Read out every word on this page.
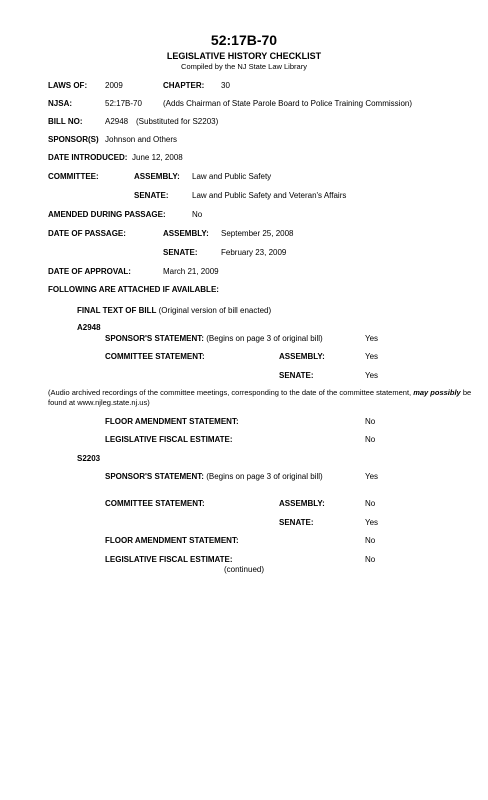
52:17B-70
LEGISLATIVE HISTORY CHECKLIST
Compiled by the NJ State Law Library
LAWS OF: 2009	CHAPTER: 30
NJSA:	52:17B-70	(Adds Chairman of State Parole Board to Police Training Commission)
BILL NO:	A2948 (Substituted for S2203)
SPONSOR(S) Johnson and Others
DATE INTRODUCED: June 12, 2008
COMMITTEE:	ASSEMBLY: Law and Public Safety
SENATE:	Law and Public Safety and Veteran's Affairs
AMENDED DURING PASSAGE:	No
DATE OF PASSAGE:	ASSEMBLY: September 25, 2008
SENATE:	February 23, 2009
DATE OF APPROVAL:	March 21, 2009
FOLLOWING ARE ATTACHED IF AVAILABLE:
FINAL TEXT OF BILL (Original version of bill enacted)
A2948
SPONSOR'S STATEMENT: (Begins on page 3 of original bill)	Yes
COMMITTEE STATEMENT:	ASSEMBLY:	Yes
SENATE:	Yes
(Audio archived recordings of the committee meetings, corresponding to the date of the committee statement, may possibly be found at www.njleg.state.nj.us)
FLOOR AMENDMENT STATEMENT:	No
LEGISLATIVE FISCAL ESTIMATE:	No
S2203
SPONSOR'S STATEMENT: (Begins on page 3 of original bill)	Yes
COMMITTEE STATEMENT:	ASSEMBLY:	No
SENATE:	Yes
FLOOR AMENDMENT STATEMENT:	No
LEGISLATIVE FISCAL ESTIMATE:	No
(continued)
